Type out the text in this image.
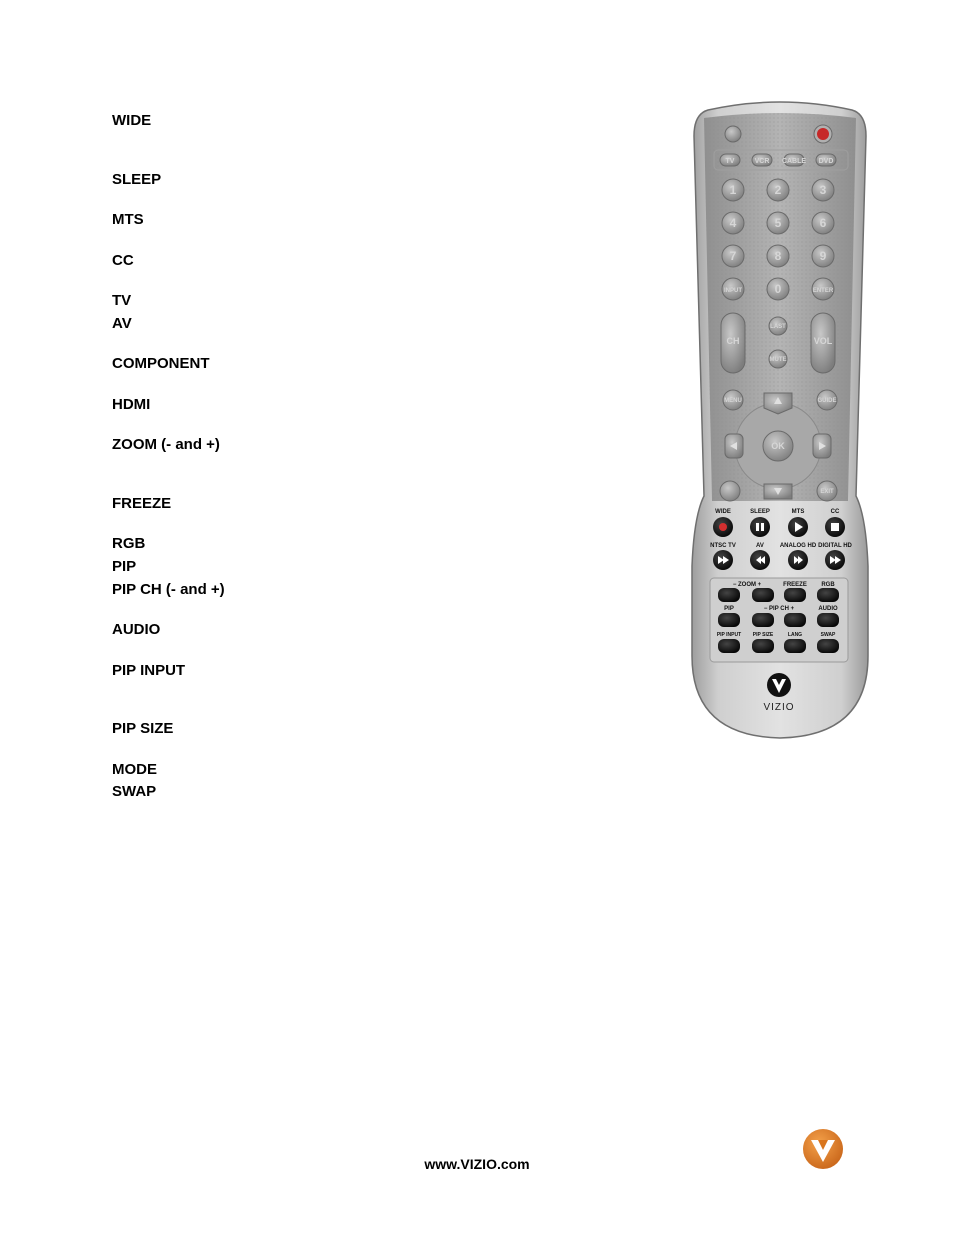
WIDE

SLEEP

MTS

CC

TV

AV

COMPONENT

HDMI

ZOOM (- and +)

FREEZE

RGB

PIP

PIP CH (- and +)

AUDIO

PIP INPUT

PIP SIZE

MODE

SWAP

TV	VCR CABLE DVD
1	2	3
4	5	6
7	8	9
INPUT	0	ENTER
CH	VOL
LAST
MUTE
MENU	GUIDE
OK
EXIT
WIDE	SLEEP	MTS	CC
NTSC TV	AV	ANALOG HD DIGITAL HD
− ZOOM +	FREEZE RGB
PIP	− PIP CH +	AUDIO
PIP INPUT PIP SIZE	LANG	SWAP
VIZIO
www.VIZIO.com
